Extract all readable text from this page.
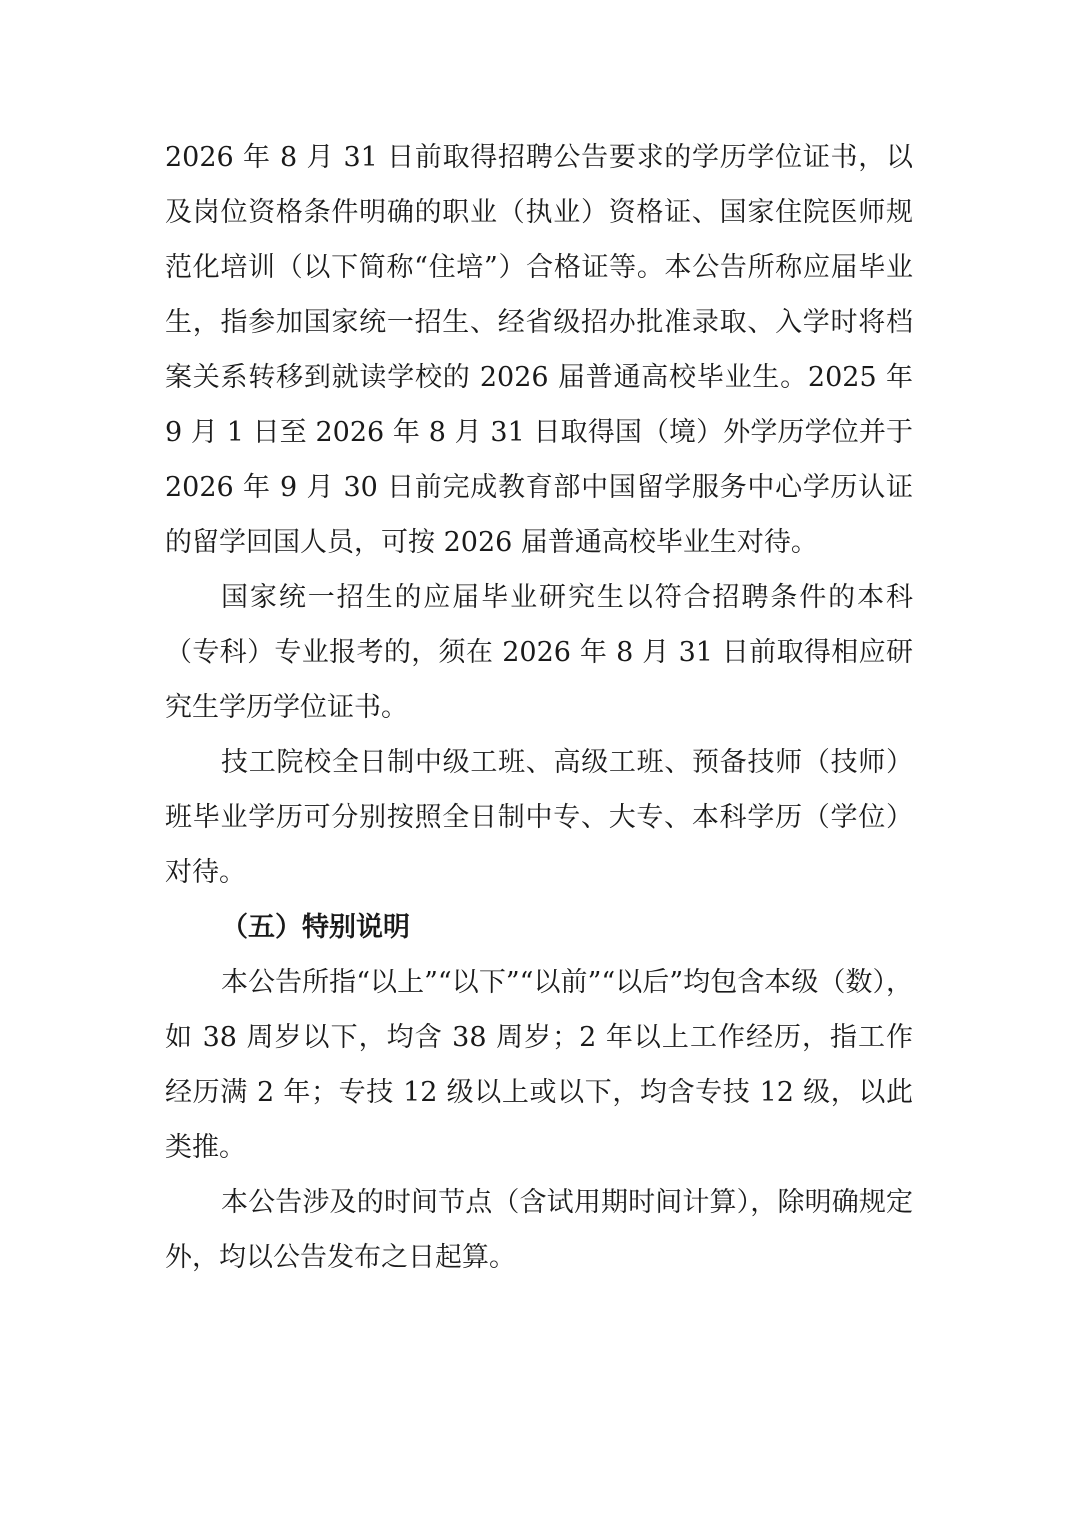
2026 年 8 月 31 日前取得招聘公告要求的学历学位证书，以及岗位资格条件明确的职业（执业）资格证、国家住院医师规范化培训（以下简称“住培”）合格证等。本公告所称应届毕业生，指参加国家统一招生、经省级招办批准录取、入学时将档案关系转移到就读学校的 2026 届普通高校毕业生。2025 年 9 月 1 日至 2026 年 8 月 31 日取得国（境）外学历学位并于 2026 年 9 月 30 日前完成教育部中国留学服务中心学历认证的留学回国人员，可按 2026 届普通高校毕业生对待。

国家统一招生的应届毕业研究生以符合招聘条件的本科（专科）专业报考的，须在 2026 年 8 月 31 日前取得相应研究生学历学位证书。

技工院校全日制中级工班、高级工班、预备技师（技师）班毕业学历可分别按照全日制中专、大专、本科学历（学位）对待。

（五）特别说明

本公告所指“以上”“以下”“以前”“以后”均包含本级（数），如 38 周岁以下，均含 38 周岁；2 年以上工作经历，指工作经历满 2 年；专技 12 级以上或以下，均含专技 12 级，以此类推。

本公告涉及的时间节点（含试用期时间计算），除明确规定外，均以公告发布之日起算。
